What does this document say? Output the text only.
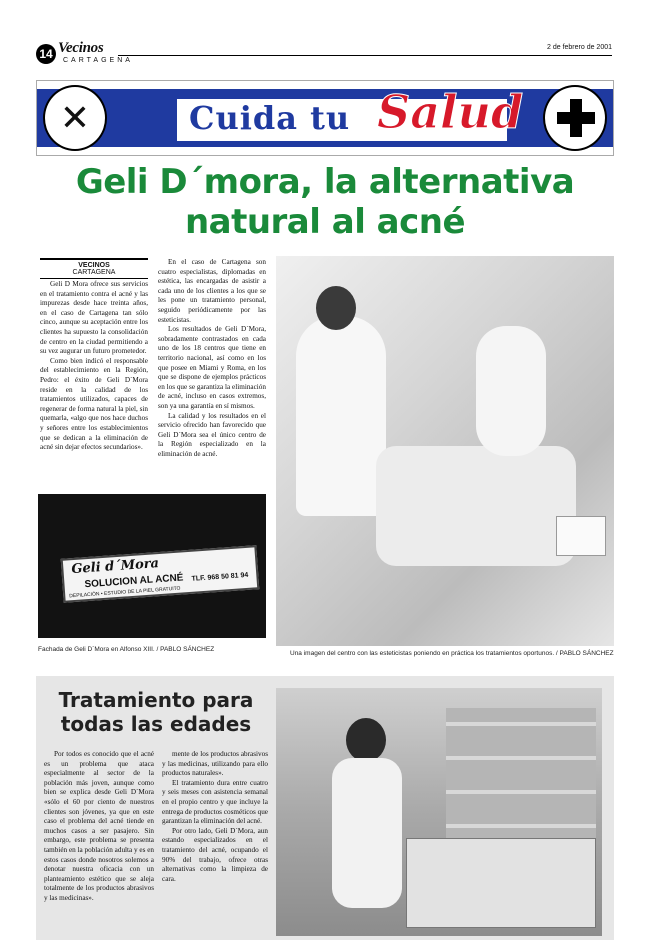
14 Vecinos
CARTAGENA
2 de febrero de 2001
✕	Cuida tu Salud
Geli D´mora, la alternativa
natural al acné
VECINOS
CARTAGENA

Geli D Mora ofrece sus servicios en el tratamiento contra el acné y las impurezas desde hace treinta años, en el caso de Cartagena tan sólo cinco, aunque su aceptación entre los clientes ha supuesto la consolidación de centro en la ciudad permitiendo a su vez augurar un futuro prometedor.

Como bien indicó el responsable del establecimiento en la Región, Pedro: el éxito de Geli D´Mora reside en la calidad de los tratamientos utilizados, capaces de regenerar de forma natural la piel, sin quemarla, «algo que nos hace duchos y señores entre los establecimientos que se dedican a la eliminación de acné sin dejar efectos secundarios».

En el caso de Cartagena son cuatro especialistas, diplomadas en estética, las encargadas de asistir a cada uno de los clientes a los que se les pone un tratamiento personal, seguido periódicamente por las esteticistas.

Los resultados de Geli D´Mora, sobradamente contrastados en cada uno de los 18 centros que tiene en territorio nacional, así como en los que posee en Miami y Roma, en los que se dispone de ejemplos prácticos en los que se garantiza la eliminación de acné, incluso en casos extremos, son ya una garantía en sí mismos.

La calidad y los resultados en el servicio ofrecido han favorecido que Geli D´Mora sea el único centro de la Región especializado en la eliminación de acné.

Geli d´Mora
SOLUCION AL ACNÉ TLF. 968 50 81 94
DEPILACIÓN • ESTUDIO DE LA PIEL GRATUITO
Fachada de Geli D´Mora en Alfonso XIII. / PABLO SÁNCHEZ
Una imagen del centro con las esteticistas poniendo en práctica los tratamientos oportunos. / PABLO SÁNCHEZ
Tratamiento para
todas las edades

Por todos es conocido que el acné es un problema que ataca especialmente al sector de la población más joven, aunque como bien se explica desde Geli D´Mora «sólo el 60 por ciento de nuestros clientes son jóvenes, ya que en este caso el problema del acné tiende en muchos casos a ser pasajero. Sin embargo, este problema se presenta también en la población adulta y es en estos casos donde nosotros solemos a denotar nuestra oficacia con un planteamiento estético que se aleja totalmente de los productos abrasivos y las medicinas».

mente de los productos abrasivos y las medicinas, utilizando para ello productos naturales».

El tratamiento dura entre cuatro y seis meses con asistencia semanal en el propio centro y que incluye la entrega de productos cosméticos que garantizan la eliminación del acné.

Por otro lado, Geli D´Mora, aun estando especializados en el tratamiento del acné, ocupando el 90% del trabajo, ofrece otras alternativas como la limpieza de cara.
